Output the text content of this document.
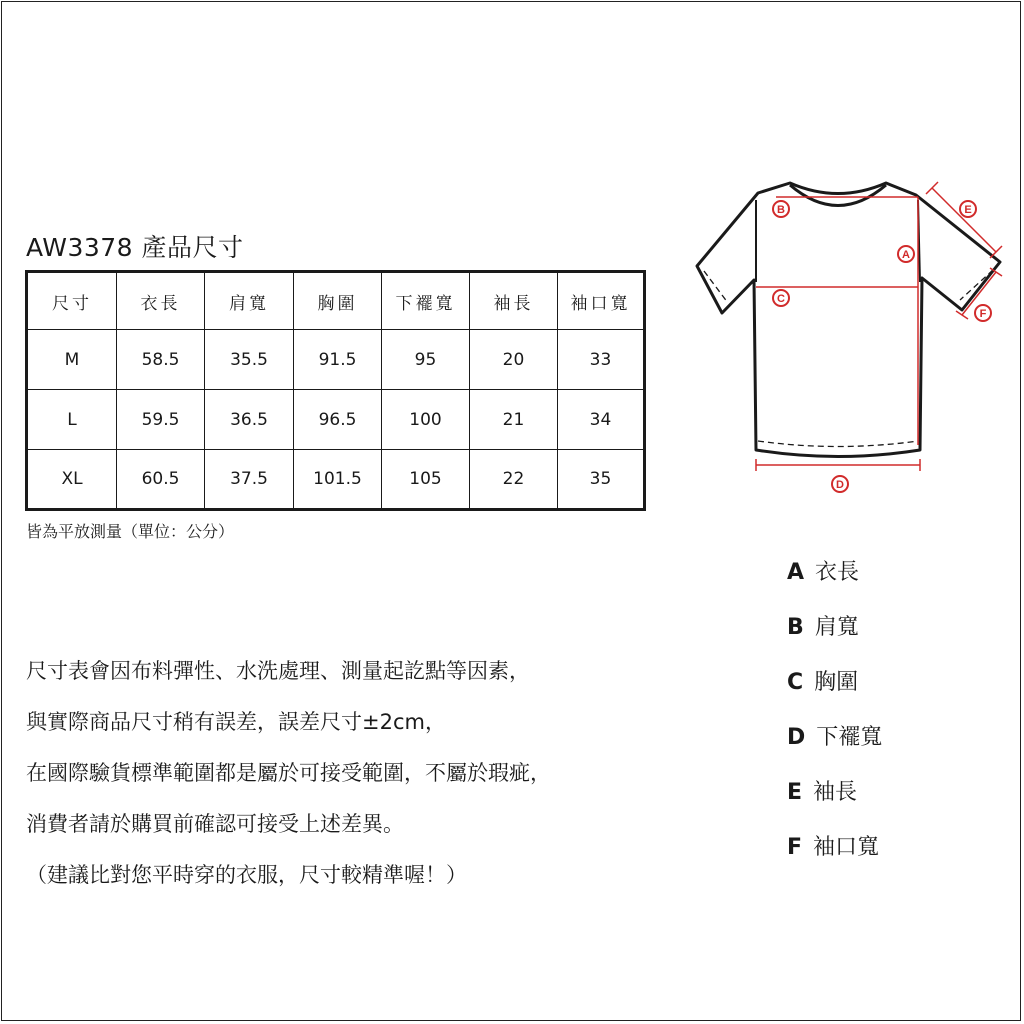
AW3378 產品尺寸
尺寸	衣長	肩寬	胸圍	下襬寬	袖長	袖口寬
M	58.5	35.5	91.5	95	20	33
L	59.5	36.5	96.5	100	21	34
XL	60.5	37.5	101.5	105	22	35
皆為平放測量（單位：公分）
尺寸表會因布料彈性、水洗處理、測量起訖點等因素，
與實際商品尺寸稍有誤差，誤差尺寸±2cm，
在國際驗貨標準範圍都是屬於可接受範圍，不屬於瑕疵，
消費者請於購買前確認可接受上述差異。
（建議比對您平時穿的衣服，尺寸較精準喔！）
B
A
C
D
E
F
A 衣長
B 肩寬
C 胸圍
D 下襬寬
E 袖長
F 袖口寬
